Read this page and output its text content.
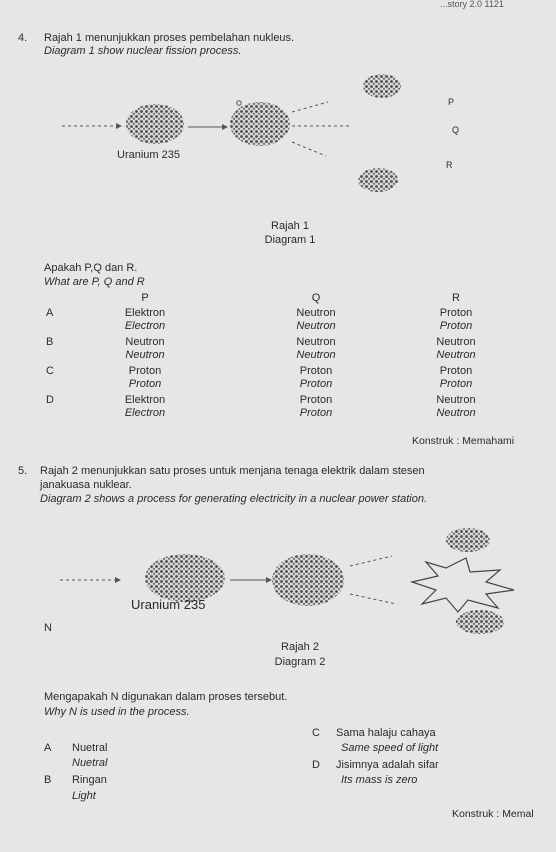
...story 2.0 1121
4. Rajah 1 menunjukkan proses pembelahan nukleus.
Diagram 1 show nuclear fission process.
Uranium 235
P
Q
R
Rajah 1
Diagram 1
Apakah P,Q dan R.
What are P, Q and R
P	Q	R
A	Elektron	Neutron	Proton
Electron	Neutron	Proton
B	Neutron	Neutron	Neutron
Neutron	Neutron	Neutron
C	Proton	Proton	Proton
Proton	Proton	Proton
D	Elektron	Proton	Neutron
Electron	Proton	Neutron
Konstruk : Memahami
5. Rajah 2 menunjukkan satu proses untuk menjana tenaga elektrik dalam stesen
janakuasa nuklear.
Diagram 2 shows a process for generating electricity in a nuclear power station.
Uranium 235
N
Rajah 2
Diagram 2
Mengapakah N digunakan dalam proses tersebut.
Why N is used in the process.
A Nuetral
Nuetral
B Ringan
Light
C Sama halaju cahaya
Same speed of light
D Jisimnya adalah sifar
Its mass is zero
Konstruk : Memal
